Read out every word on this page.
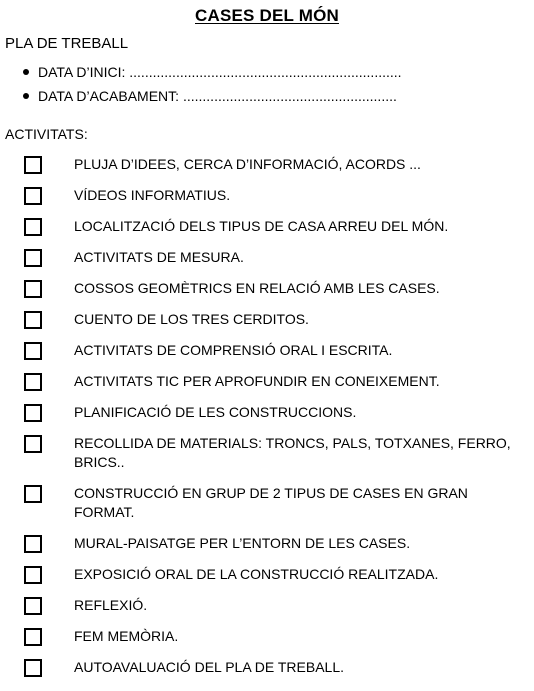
CASES DEL MÓN
PLA DE TREBALL
DATA D’INICI: ......................................................................
DATA D’ACABAMENT: .......................................................
ACTIVITATS:
PLUJA D’IDEES, CERCA D’INFORMACIÓ, ACORDS ...
VÍDEOS INFORMATIUS.
LOCALITZACIÓ DELS TIPUS DE CASA ARREU DEL MÓN.
ACTIVITATS DE MESURA.
COSSOS GEOMÈTRICS EN RELACIÓ AMB LES CASES.
CUENTO DE LOS TRES CERDITOS.
ACTIVITATS DE COMPRENSIÓ ORAL I ESCRITA.
ACTIVITATS TIC PER APROFUNDIR EN CONEIXEMENT.
PLANIFICACIÓ DE LES CONSTRUCCIONS.
RECOLLIDA DE MATERIALS: TRONCS, PALS, TOTXANES, FERRO, BRICS..
CONSTRUCCIÓ EN GRUP DE 2 TIPUS DE CASES EN GRAN FORMAT.
MURAL-PAISATGE PER L’ENTORN DE LES CASES.
EXPOSICIÓ ORAL DE LA CONSTRUCCIÓ REALITZADA.
REFLEXIÓ.
FEM MEMÒRIA.
AUTOAVALUACIÓ DEL PLA DE TREBALL.
